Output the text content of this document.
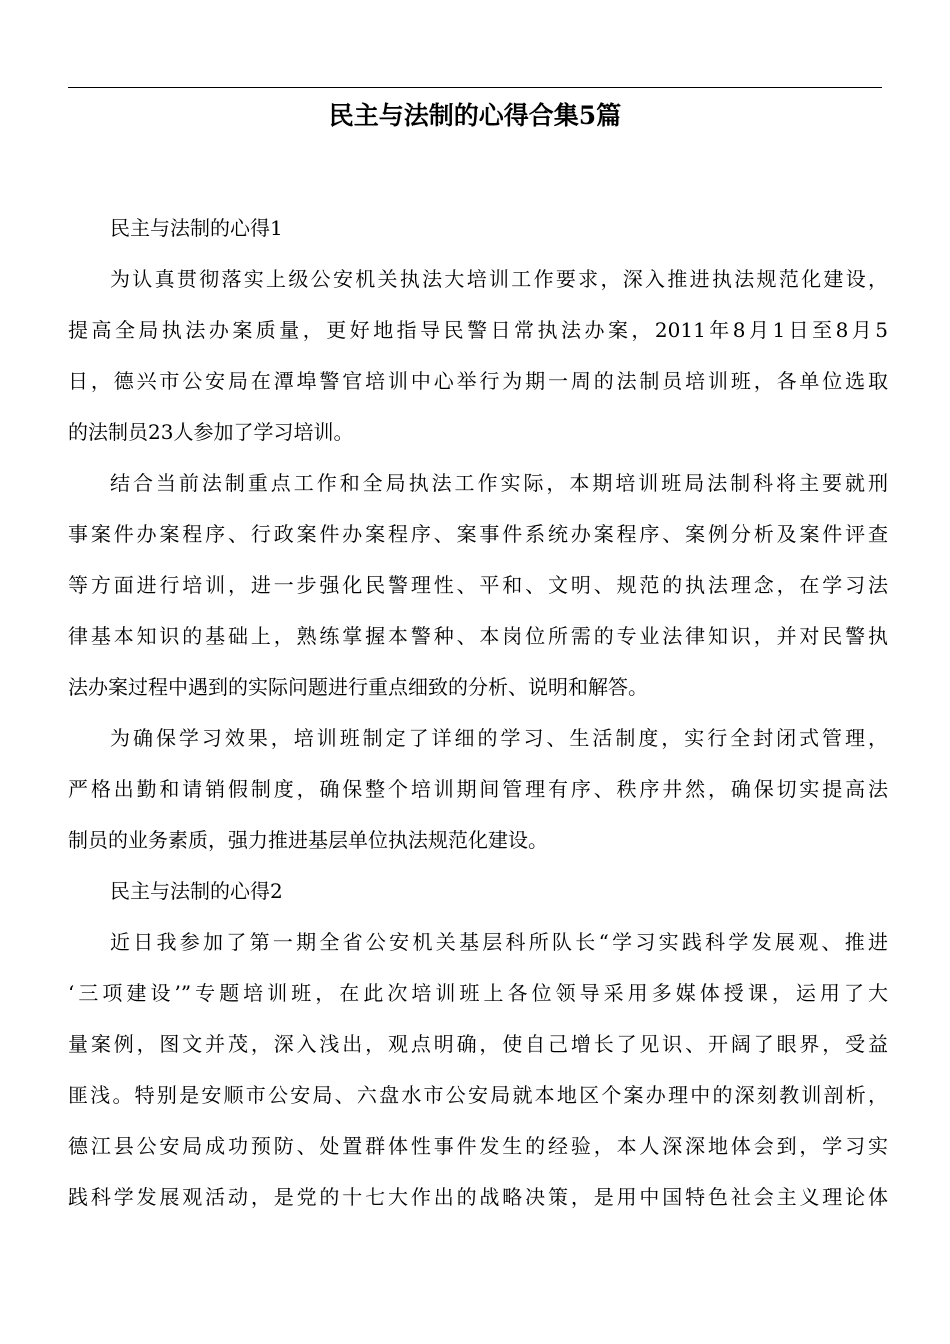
民主与法制的心得合集5篇
民主与法制的心得1
为认真贯彻落实上级公安机关执法大培训工作要求，深入推进执法规范化建设，
提高全局执法办案质量，更好地指导民警日常执法办案，2011年8月1日至8月5
日，德兴市公安局在潭埠警官培训中心举行为期一周的法制员培训班，各单位选取
的法制员23人参加了学习培训。
结合当前法制重点工作和全局执法工作实际，本期培训班局法制科将主要就刑
事案件办案程序、行政案件办案程序、案事件系统办案程序、案例分析及案件评查
等方面进行培训，进一步强化民警理性、平和、文明、规范的执法理念，在学习法
律基本知识的基础上，熟练掌握本警种、本岗位所需的专业法律知识，并对民警执
法办案过程中遇到的实际问题进行重点细致的分析、说明和解答。
为确保学习效果，培训班制定了详细的学习、生活制度，实行全封闭式管理，
严格出勤和请销假制度，确保整个培训期间管理有序、秩序井然，确保切实提高法
制员的业务素质，强力推进基层单位执法规范化建设。
民主与法制的心得2
近日我参加了第一期全省公安机关基层科所队长“学习实践科学发展观、推进
‘三项建设’”专题培训班，在此次培训班上各位领导采用多媒体授课，运用了大
量案例，图文并茂，深入浅出，观点明确，使自己增长了见识、开阔了眼界，受益
匪浅。特别是安顺市公安局、六盘水市公安局就本地区个案办理中的深刻教训剖析，
德江县公安局成功预防、处置群体性事件发生的经验，本人深深地体会到，学习实
践科学发展观活动，是党的十七大作出的战略决策，是用中国特色社会主义理论体
